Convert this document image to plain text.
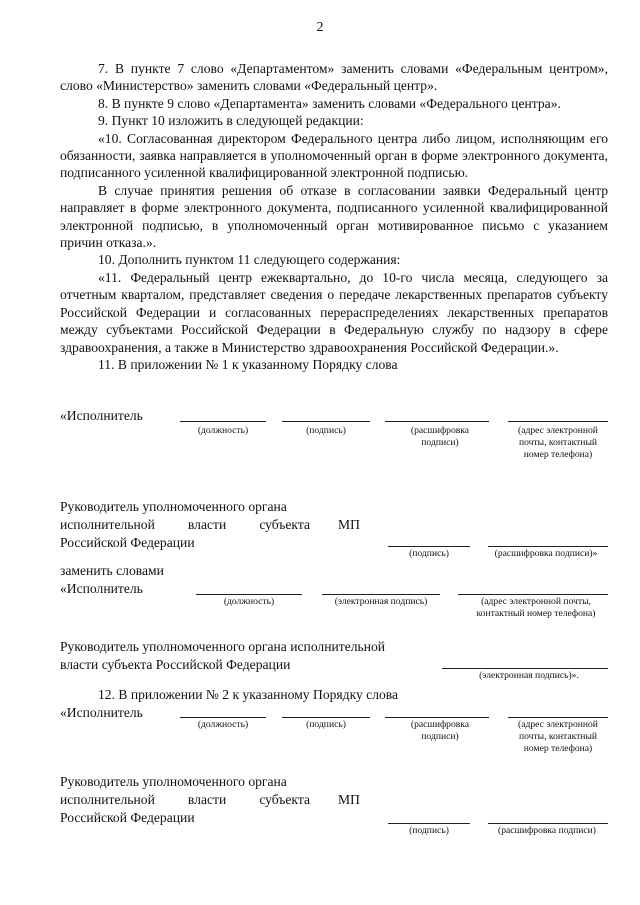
2

7. В пункте 7 слово «Департаментом» заменить словами «Федеральным центром», слово «Министерство» заменить словами «Федеральный центр».

8. В пункте 9 слово «Департамента» заменить словами «Федерального центра».

9. Пункт 10 изложить в следующей редакции:

«10. Согласованная директором Федерального центра либо лицом, исполняющим его обязанности, заявка направляется в уполномоченный орган в форме электронного документа, подписанного усиленной квалифицированной электронной подписью.

В случае принятия решения об отказе в согласовании заявки Федеральный центр направляет в форме электронного документа, подписанного усиленной квалифицированной электронной подписью, в уполномоченный орган мотивированное письмо с указанием причин отказа.».

10. Дополнить пунктом 11 следующего содержания:

«11. Федеральный центр ежеквартально, до 10-го числа месяца, следующего за отчетным кварталом, представляет сведения о передаче лекарственных препаратов субъекту Российской Федерации и согласованных перераспределениях лекарственных препаратов между субъектами Российской Федерации в Федеральную службу по надзору в сфере здравоохранения, а также в Министерство здравоохранения Российской Федерации.».

11. В приложении № 1 к указанному Порядку слова

«Исполнитель
(должность)	(подпись)	(расшифровка подписи)
(адрес электронной почты, контактный номер телефона)
Руководитель уполномоченного органа
исполнительной власти субъекта
Российской Федерации
МП
(подпись)	(расшифровка подписи)»
заменить словами
«Исполнитель
(должность)	(электронная подпись)	(адрес электронной почты, контактный номер телефона)
Руководитель уполномоченного органа исполнительной
власти субъекта Российской Федерации
(электронная подпись)».

12. В приложении № 2 к указанному Порядку слова

«Исполнитель
(должность)	(подпись)	(расшифровка подписи)
(адрес электронной почты, контактный номер телефона)
Руководитель уполномоченного органа
исполнительной власти субъекта
Российской Федерации
МП
(подпись)	(расшифровка подписи)
